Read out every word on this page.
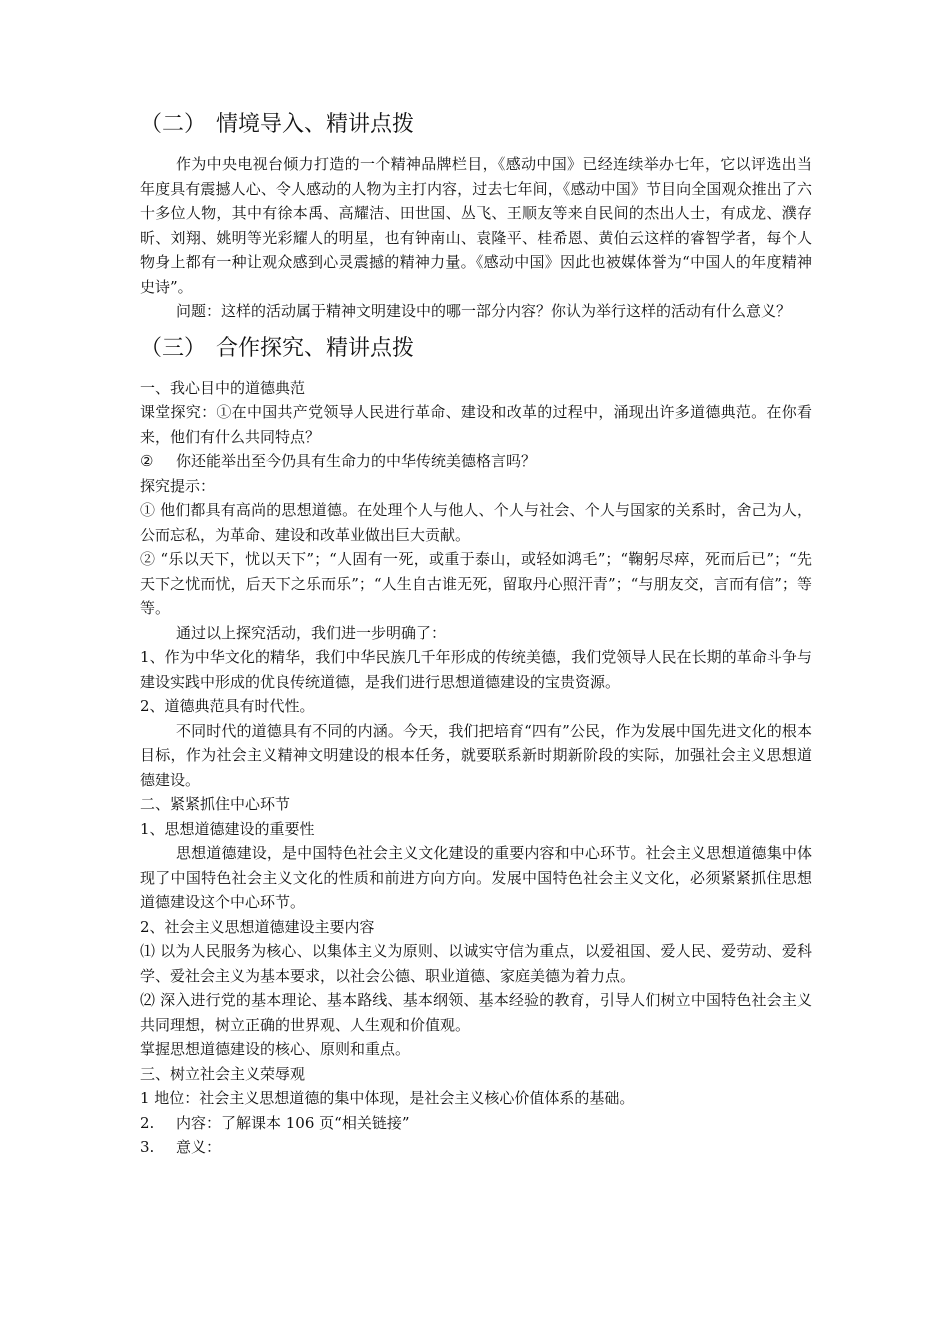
（二） 情境导入、精讲点拨

作为中央电视台倾力打造的一个精神品牌栏目，《感动中国》已经连续举办七年，它以评选出当年度具有震撼人心、令人感动的人物为主打内容，过去七年间，《感动中国》节目向全国观众推出了六十多位人物，其中有徐本禹、高耀洁、田世国、丛飞、王顺友等来自民间的杰出人士，有成龙、濮存昕、刘翔、姚明等光彩耀人的明星，也有钟南山、袁隆平、桂希恩、黄伯云这样的睿智学者，每个人物身上都有一种让观众感到心灵震撼的精神力量。《感动中国》因此也被媒体誉为“中国人的年度精神史诗”。

问题：这样的活动属于精神文明建设中的哪一部分内容？你认为举行这样的活动有什么意义？

（三） 合作探究、精讲点拨

一、我心目中的道德典范

课堂探究：①在中国共产党领导人民进行革命、建设和改革的过程中，涌现出许多道德典范。在你看来，他们有什么共同特点？

② 你还能举出至今仍具有生命力的中华传统美德格言吗？

探究提示：

① 他们都具有高尚的思想道德。在处理个人与他人、个人与社会、个人与国家的关系时，舍己为人，公而忘私，为革命、建设和改革业做出巨大贡献。

② “乐以天下，忧以天下”；“人固有一死，或重于泰山，或轻如鸿毛”；“鞠躬尽瘁，死而后已”；“先天下之忧而忧，后天下之乐而乐”；“人生自古谁无死，留取丹心照汗青”；“与朋友交，言而有信”；等等。

通过以上探究活动，我们进一步明确了：

1、作为中华文化的精华，我们中华民族几千年形成的传统美德，我们党领导人民在长期的革命斗争与建设实践中形成的优良传统道德，是我们进行思想道德建设的宝贵资源。

2、道德典范具有时代性。

不同时代的道德具有不同的内涵。今天，我们把培育“四有”公民，作为发展中国先进文化的根本目标，作为社会主义精神文明建设的根本任务，就要联系新时期新阶段的实际，加强社会主义思想道德建设。

二、紧紧抓住中心环节

1、思想道德建设的重要性

思想道德建设，是中国特色社会主义文化建设的重要内容和中心环节。社会主义思想道德集中体现了中国特色社会主义文化的性质和前进方向方向。发展中国特色社会主义文化，必须紧紧抓住思想道德建设这个中心环节。

2、社会主义思想道德建设主要内容

⑴ 以为人民服务为核心、以集体主义为原则、以诚实守信为重点，以爱祖国、爱人民、爱劳动、爱科学、爱社会主义为基本要求，以社会公德、职业道德、家庭美德为着力点。

⑵ 深入进行党的基本理论、基本路线、基本纲领、基本经验的教育，引导人们树立中国特色社会主义共同理想，树立正确的世界观、人生观和价值观。

掌握思想道德建设的核心、原则和重点。

三、树立社会主义荣辱观

1 地位：社会主义思想道德的集中体现，是社会主义核心价值体系的基础。

2. 内容：了解课本 106 页“相关链接”

3. 意义：
